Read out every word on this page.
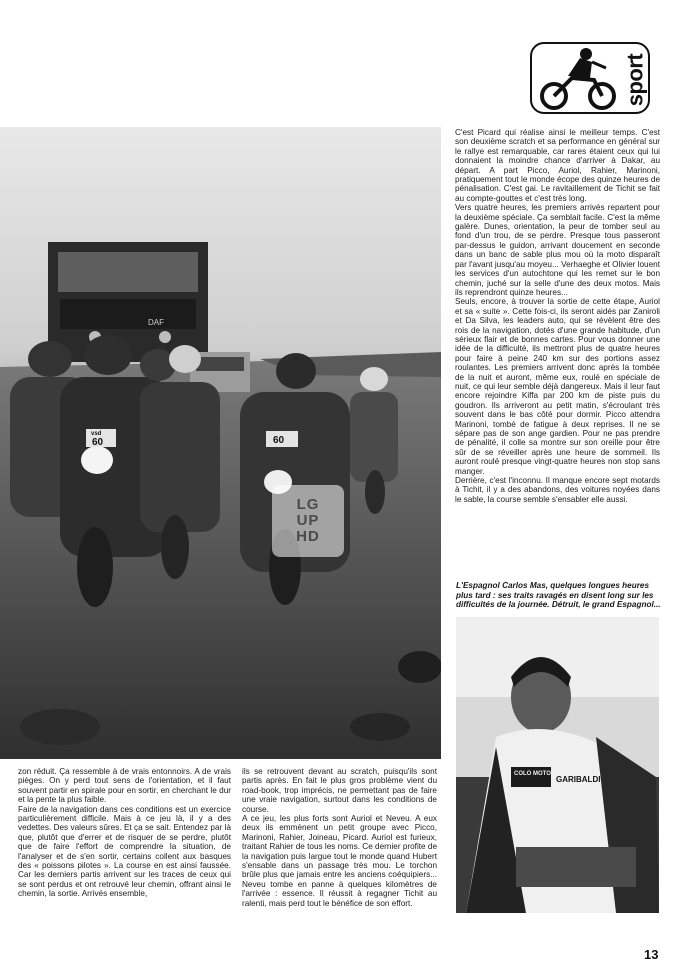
sport
DAF
vsd
60	60
LG
UP
HD

C'est Picard qui réalise ainsi le meilleur temps. C'est son deuxième scratch et sa performance en général sur le rallye est remarquable, car rares étaient ceux qui lui donnaient la moindre chance d'arriver à Dakar, au départ. A part Picco, Auriol, Rahier, Marinoni, pratiquement tout le monde écope des quinze heures de pénalisation. C'est gai. Le ravitaillement de Tichit se fait au compte-gouttes et c'est très long.

Vers quatre heures, les premiers arrivés repartent pour la deuxième spéciale. Ça semblait facile. C'est la même galère. Dunes, orientation, la peur de tomber seul au fond d'un trou, de se perdre. Presque tous passeront par-dessus le guidon, arrivant doucement en seconde dans un banc de sable plus mou où la moto disparaît par l'avant jusqu'au moyeu... Verhaeghe et Olivier louent les services d'un autochtone qui les remet sur le bon chemin, juché sur la selle d'une des deux motos. Mais ils reprendront quinze heures...

Seuls, encore, à trouver la sortie de cette étape, Auriol et sa « suite ». Cette fois-ci, ils seront aidés par Zaniroli et Da Silva, les leaders auto, qui se révèlent être des rois de la navigation, dotés d'une grande habitude, d'un sérieux flair et de bonnes cartes. Pour vous donner une idée de la difficulté, ils mettront plus de quatre heures pour faire à peine 240 km sur des portions assez roulantes. Les premiers arrivent donc après la tombée de la nuit et auront, même eux, roulé en spéciale de nuit, ce qui leur semble déjà dangereux. Mais il leur faut encore rejoindre Kiffa par 200 km de piste puis du goudron. Ils arriveront au petit matin, s'écroulant très souvent dans le bas côté pour dormir. Picco attendra Marinoni, tombé de fatigue à deux reprises. Il ne se sépare pas de son ange gardien. Pour ne pas prendre de pénalité, il colle sa montre sur son oreille pour être sûr de se réveiller après une heure de sommeil. Ils auront roulé presque vingt-quatre heures non stop sans manger.

Derrière, c'est l'inconnu. Il manque encore sept motards à Tichit, il y a des abandons, des voitures noyées dans le sable, la course semble s'ensabler elle aussi.

L'Espagnol Carlos Mas, quelques longues heures plus tard : ses traits ravagés en disent long sur les difficultés de la journée. Détruit, le grand Espagnol...
COLO MOTO
GARIBALDI

zon réduit. Ça ressemble à de vrais entonnoirs. A de vrais pièges. On y perd tout sens de l'orientation, et il faut souvent partir en spirale pour en sortir, en cherchant le dur et la pente la plus faible.

Faire de la navigation dans ces conditions est un exercice particulièrement difficile. Mais à ce jeu là, il y a des vedettes. Des valeurs sûres. Et ça se sait. Entendez par là que, plutôt que d'errer et de risquer de se perdre, plutôt que de faire l'effort de comprendre la situation, de l'analyser et de s'en sortir, certains collent aux basques des « poissons pilotes ». La course en est ainsi faussée. Car les derniers partis arrivent sur les traces de ceux qui se sont perdus et ont retrouvé leur chemin, offrant ainsi le chemin, la sortie. Arrivés ensemble,

ils se retrouvent devant au scratch, puisqu'ils sont partis après. En fait le plus gros problème vient du road-book, trop imprécis, ne permettant pas de faire une vraie navigation, surtout dans les conditions de course.

A ce jeu, les plus forts sont Auriol et Neveu. A eux deux ils emmènent un petit groupe avec Picco, Marinoni, Rahier, Joineau, Picard. Auriol est furieux, traitant Rahier de tous les noms. Ce dernier profite de la navigation puis largue tout le monde quand Hubert s'ensable dans un passage très mou. Le torchon brûle plus que jamais entre les anciens coéquipiers... Neveu tombe en panne à quelques kilomètres de l'arrivée : essence. Il réussit à regagner Tichit au ralenti, mais perd tout le bénéfice de son effort.

13
